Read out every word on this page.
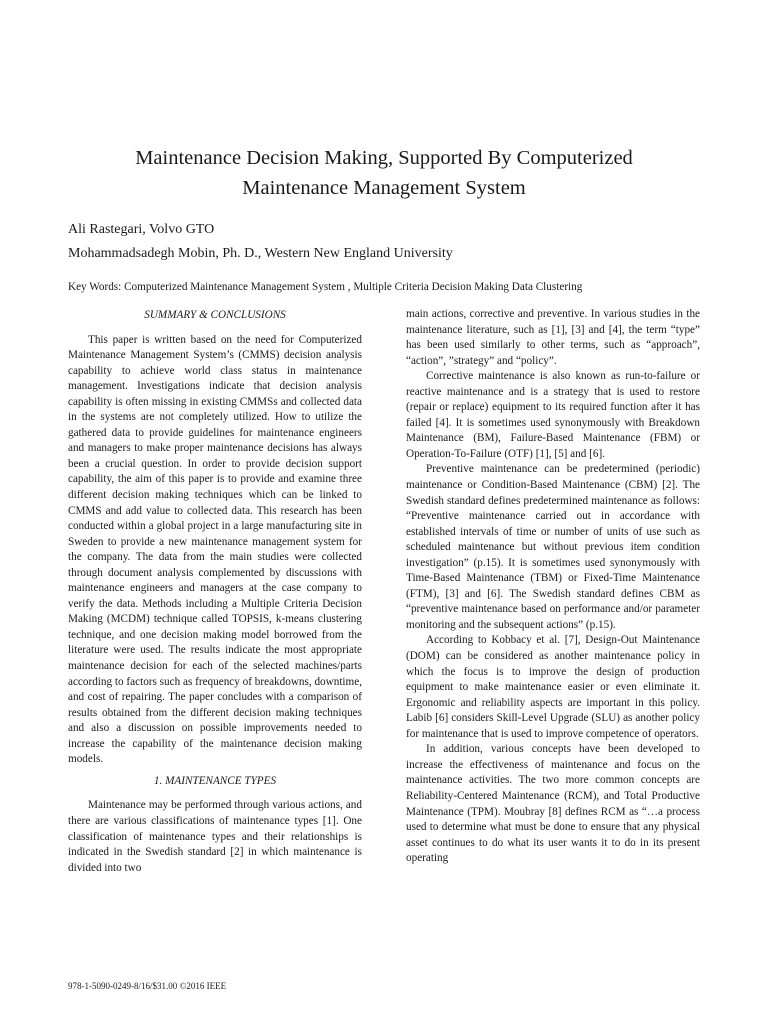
Maintenance Decision Making, Supported By Computerized
Maintenance Management System
Ali Rastegari, Volvo GTO
Mohammadsadegh Mobin, Ph. D., Western New England University
Key Words: Computerized Maintenance Management System , Multiple Criteria Decision Making Data Clustering
SUMMARY & CONCLUSIONS

This paper is written based on the need for Computerized Maintenance Management System’s (CMMS) decision analysis capability to achieve world class status in maintenance management. Investigations indicate that decision analysis capability is often missing in existing CMMSs and collected data in the systems are not completely utilized. How to utilize the gathered data to provide guidelines for maintenance engineers and managers to make proper maintenance decisions has always been a crucial question. In order to provide decision support capability, the aim of this paper is to provide and examine three different decision making techniques which can be linked to CMMS and add value to collected data. This research has been conducted within a global project in a large manufacturing site in Sweden to provide a new maintenance management system for the company. The data from the main studies were collected through document analysis complemented by discussions with maintenance engineers and managers at the case company to verify the data. Methods including a Multiple Criteria Decision Making (MCDM) technique called TOPSIS, k-means clustering technique, and one decision making model borrowed from the literature were used. The results indicate the most appropriate maintenance decision for each of the selected machines/parts according to factors such as frequency of breakdowns, downtime, and cost of repairing. The paper concludes with a comparison of results obtained from the different decision making techniques and also a discussion on possible improvements needed to increase the capability of the maintenance decision making models.

1. MAINTENANCE TYPES

Maintenance may be performed through various actions, and there are various classifications of maintenance types [1]. One classification of maintenance types and their relationships is indicated in the Swedish standard [2] in which maintenance is divided into two

main actions, corrective and preventive. In various studies in the maintenance literature, such as [1], [3] and [4], the term “type” has been used similarly to other terms, such as “approach”, “action”, ”strategy” and “policy”.

Corrective maintenance is also known as run-to-failure or reactive maintenance and is a strategy that is used to restore (repair or replace) equipment to its required function after it has failed [4]. It is sometimes used synonymously with Breakdown Maintenance (BM), Failure-Based Maintenance (FBM) or Operation-To-Failure (OTF) [1], [5] and [6].

Preventive maintenance can be predetermined (periodic) maintenance or Condition-Based Maintenance (CBM) [2]. The Swedish standard defines predetermined maintenance as follows: “Preventive maintenance carried out in accordance with established intervals of time or number of units of use such as scheduled maintenance but without previous item condition investigation” (p.15). It is sometimes used synonymously with Time-Based Maintenance (TBM) or Fixed-Time Maintenance (FTM), [3] and [6]. The Swedish standard defines CBM as “preventive maintenance based on performance and/or parameter monitoring and the subsequent actions” (p.15).

According to Kobbacy et al. [7], Design-Out Maintenance (DOM) can be considered as another maintenance policy in which the focus is to improve the design of production equipment to make maintenance easier or even eliminate it. Ergonomic and reliability aspects are important in this policy. Labib [6] considers Skill-Level Upgrade (SLU) as another policy for maintenance that is used to improve competence of operators.

In addition, various concepts have been developed to increase the effectiveness of maintenance and focus on the maintenance activities. The two more common concepts are Reliability-Centered Maintenance (RCM), and Total Productive Maintenance (TPM). Moubray [8] defines RCM as “…a process used to determine what must be done to ensure that any physical asset continues to do what its user wants it to do in its present operating

978-1-5090-0249-8/16/$31.00 ©2016 IEEE
